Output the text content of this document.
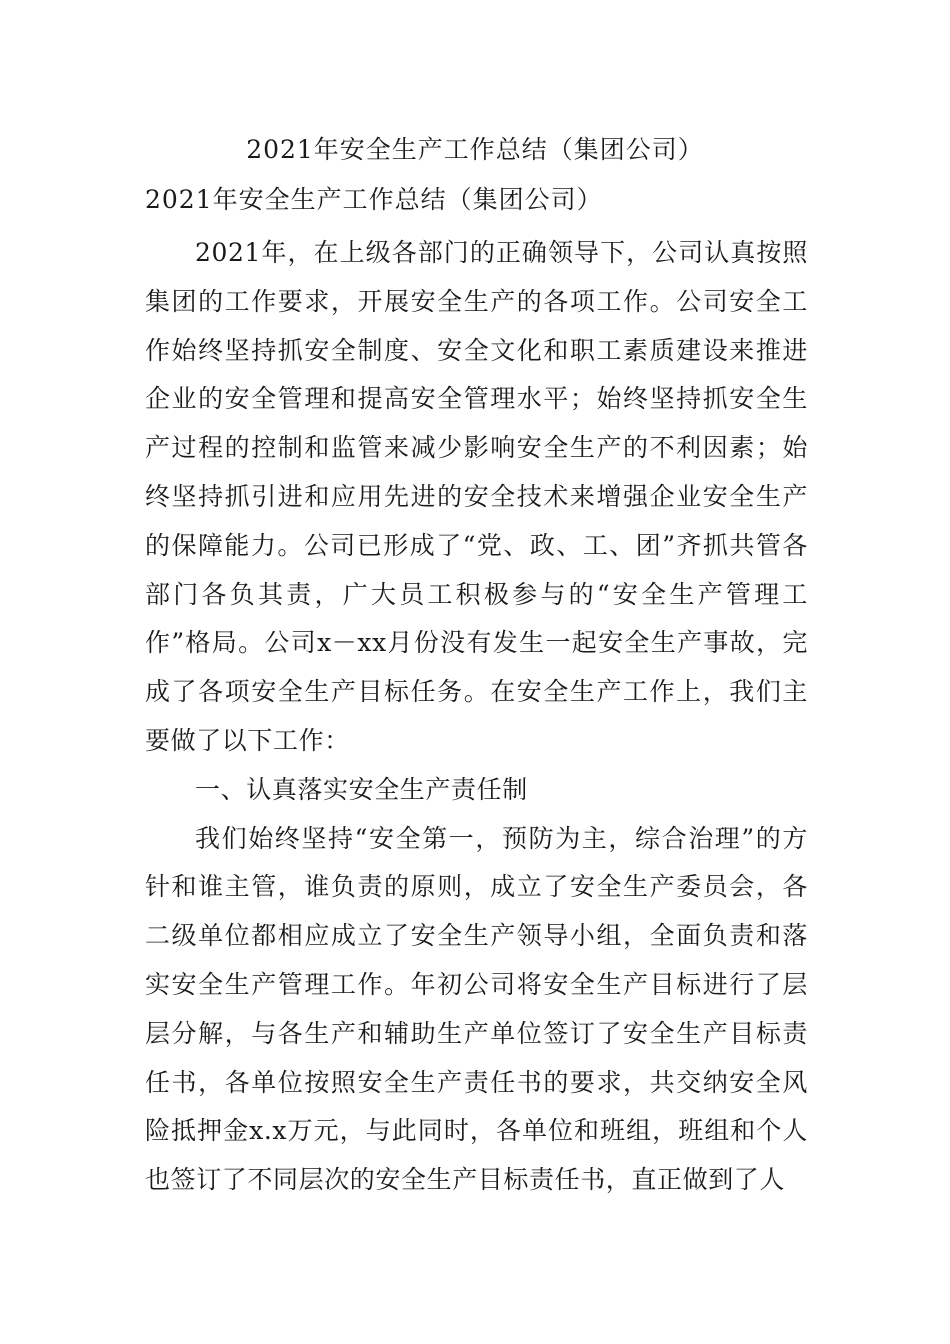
2021年安全生产工作总结（集团公司）
2021年安全生产工作总结（集团公司）

2021年，在上级各部门的正确领导下，公司认真按照集团的工作要求，开展安全生产的各项工作。公司安全工作始终坚持抓安全制度、安全文化和职工素质建设来推进企业的安全管理和提高安全管理水平；始终坚持抓安全生产过程的控制和监管来减少影响安全生产的不利因素；始终坚持抓引进和应用先进的安全技术来增强企业安全生产的保障能力。公司已形成了“党、政、工、团”齐抓共管各部门各负其责，广大员工积极参与的“安全生产管理工作”格局。公司x－xx月份没有发生一起安全生产事故，完成了各项安全生产目标任务。在安全生产工作上，我们主要做了以下工作：

一、认真落实安全生产责任制

我们始终坚持“安全第一，预防为主，综合治理”的方针和谁主管，谁负责的原则，成立了安全生产委员会，各二级单位都相应成立了安全生产领导小组，全面负责和落实安全生产管理工作。年初公司将安全生产目标进行了层层分解，与各生产和辅助生产单位签订了安全生产目标责任书，各单位按照安全生产责任书的要求，共交纳安全风险抵押金x.x万元，与此同时，各单位和班组，班组和个人也签订了不同层次的安全生产目标责任书，直正做到了人
